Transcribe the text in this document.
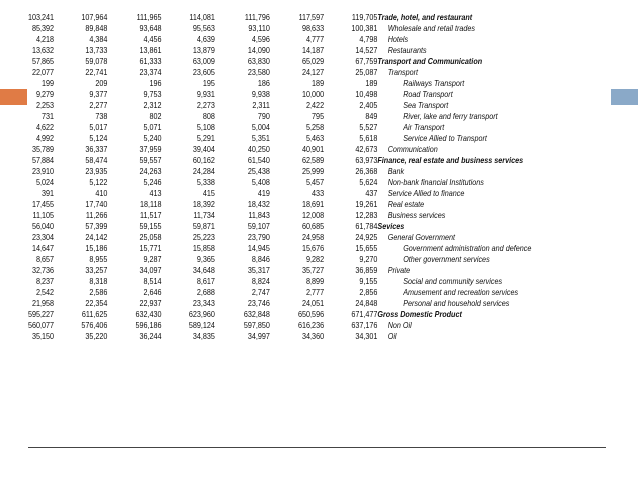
103,241	107,964	111,965	114,081	111,796	117,597	119,705	Trade, hotel, and restaurant
85,392	89,848	93,648	95,563	93,110	98,633	100,381	Wholesale and retail trades
4,218	4,384	4,456	4,639	4,596	4,777	4,798	Hotels
13,632	13,733	13,861	13,879	14,090	14,187	14,527	Restaurants
57,865	59,078	61,333	63,009	63,830	65,029	67,759	Transport and Communication
22,077	22,741	23,374	23,605	23,580	24,127	25,087	Transport
199	209	196	195	186	189	189	Railways Transport
9,279	9,377	9,753	9,931	9,938	10,000	10,498	Road Transport
2,253	2,277	2,312	2,273	2,311	2,422	2,405	Sea Transport
731	738	802	808	790	795	849	River, lake and ferry transport
4,622	5,017	5,071	5,108	5,004	5,258	5,527	Air Transport
4,992	5,124	5,240	5,291	5,351	5,463	5,618	Service Allied to Transport
35,789	36,337	37,959	39,404	40,250	40,901	42,673	Communication
57,884	58,474	59,557	60,162	61,540	62,589	63,973	Finance, real estate and business services
23,910	23,935	24,263	24,284	25,438	25,999	26,368	Bank
5,024	5,122	5,246	5,338	5,408	5,457	5,624	Non-bank financial Institutions
391	410	413	415	419	433	437	Service Allied to finance
17,455	17,740	18,118	18,392	18,432	18,691	19,261	Real estate
11,105	11,266	11,517	11,734	11,843	12,008	12,283	Business services
56,040	57,399	59,155	59,871	59,107	60,685	61,784	Sevices
23,304	24,142	25,058	25,223	23,790	24,958	24,925	General Government
14,647	15,186	15,771	15,858	14,945	15,676	15,655	Government administration and defence
8,657	8,955	9,287	9,365	8,846	9,282	9,270	Other government services
32,736	33,257	34,097	34,648	35,317	35,727	36,859	Private
8,237	8,318	8,514	8,617	8,824	8,899	9,155	Social and community services
2,542	2,586	2,646	2,688	2,747	2,777	2,856	Amusement and recreation services
21,958	22,354	22,937	23,343	23,746	24,051	24,848	Personal and household services
595,227	611,625	632,430	623,960	632,848	650,596	671,477	Gross Domestic Product
560,077	576,406	596,186	589,124	597,850	616,236	637,176	Non Oil
35,150	35,220	36,244	34,835	34,997	34,360	34,301	Oil
